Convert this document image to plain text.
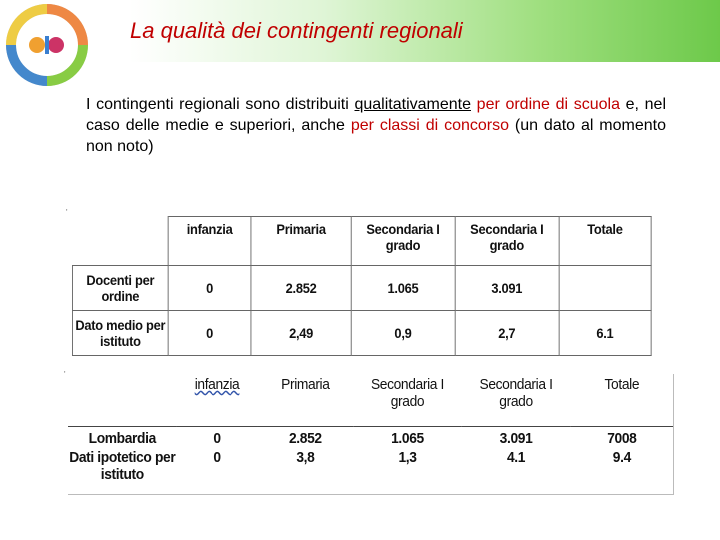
La qualità dei contingenti regionali
I contingenti regionali sono distribuiti qualitativamente per ordine di scuola e, nel caso delle medie e superiori, anche per classi di concorso (un dato al momento non noto)
'
	infanzia	Primaria	Secondaria I grado	Secondaria I grado	Totale
Docenti per ordine	0	2.852	1.065	3.091	
Dato medio per istituto	0	2,49	0,9	2,7	6.1
'
	infanzia	Primaria	Secondaria I grado	Secondaria I grado	Totale
Lombardia	0	2.852	1.065	3.091	7008
Dati ipotetico per istituto	0	3,8	1,3	4.1	9.4
